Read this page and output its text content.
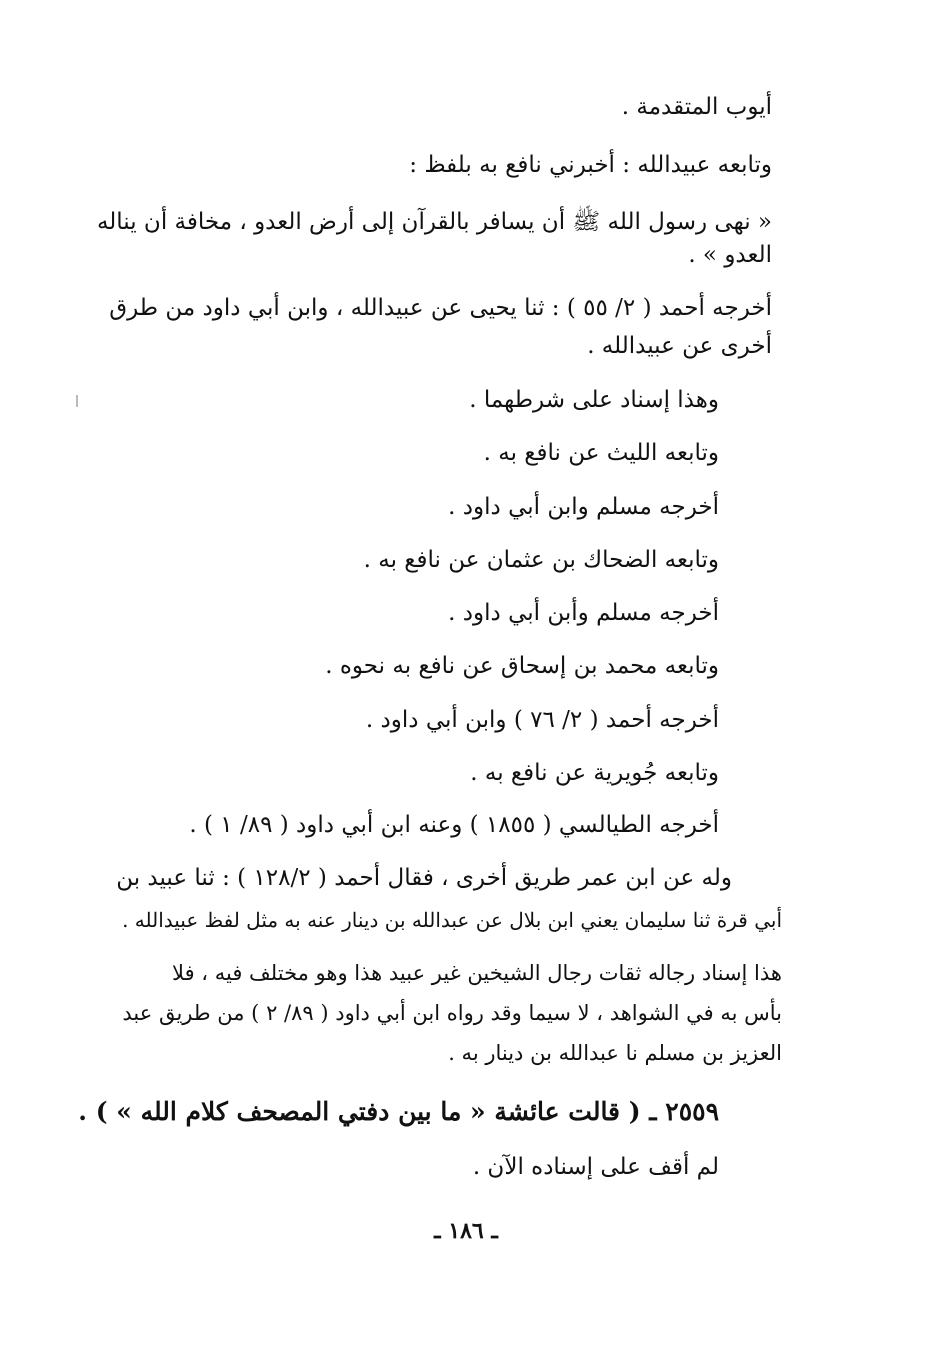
أيوب المتقدمة .
وتابعه عبيدالله : أخبرني نافع به بلفظ :
« نهى رسول الله ﷺ أن يسافر بالقرآن إلى أرض العدو ، مخافة أن يناله
العدو » .
أخرجه أحمد ( ٢/ ٥٥ ) : ثنا يحيى عن عبيدالله ، وابن أبي داود من طرق
أخرى عن عبيدالله .
وهذا إسناد على شرطهما .
وتابعه الليث عن نافع به .
أخرجه مسلم وابن أبي داود .
وتابعه الضحاك بن عثمان عن نافع به .
أخرجه مسلم وأبن أبي داود .
وتابعه محمد بن إسحاق عن نافع به نحوه .
أخرجه أحمد ( ٢/ ٧٦ ) وابن أبي داود .
وتابعه جُويرية عن نافع به .
أخرجه الطيالسي ( ١٨٥٥ ) وعنه ابن أبي داود ( ٨٩/ ١ ) .
وله عن ابن عمر طريق أخرى ، فقال أحمد ( ١٢٨/٢ ) : ثنا عبيد بن
أبي قرة ثنا سليمان يعني ابن بلال عن عبدالله بن دينار عنه به مثل لفظ عبيدالله .
هذا إسناد رجاله ثقات رجال الشيخين غير عبيد هذا وهو مختلف فيه ، فلا
بأس به في الشواهد ، لا سيما وقد رواه ابن أبي داود ( ٨٩/ ٢ ) من طريق عبد
العزيز بن مسلم نا عبدالله بن دينار به .
٢٥٥٩ ـ ( قالت عائشة « ما بين دفتي المصحف كلام الله » ) .
لم أقف على إسناده الآن .
ـ ١٨٦ ـ
